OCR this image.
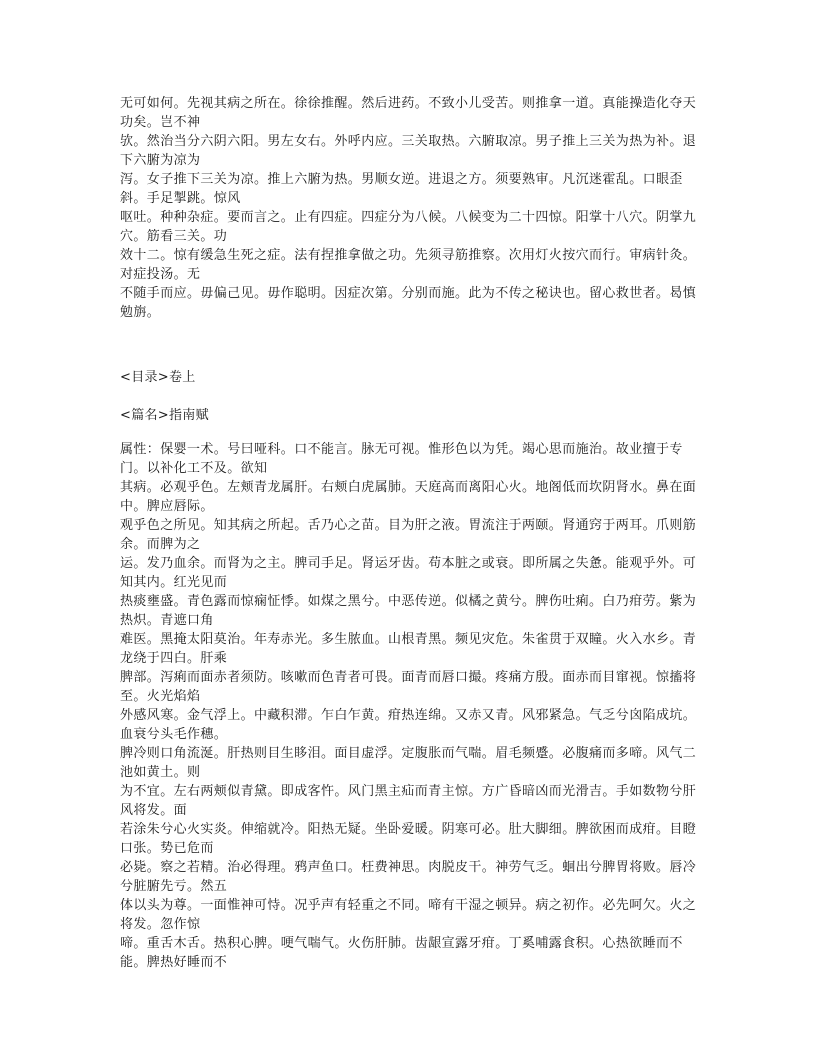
无可如何。先视其病之所在。徐徐推醒。然后进药。不致小儿受苦。则推拿一道。真能操造化夺天功矣。岂不神
欤。然治当分六阴六阳。男左女右。外呼内应。三关取热。六腑取凉。男子推上三关为热为补。退下六腑为凉为
泻。女子推下三关为凉。推上六腑为热。男顺女逆。进退之方。须要熟审。凡沉迷霍乱。口眼歪斜。手足掣跳。惊风
呕吐。种种杂症。要而言之。止有四症。四症分为八候。八候变为二十四惊。阳掌十八穴。阴掌九穴。筋看三关。功
效十二。惊有缓急生死之症。法有捏推拿做之功。先须寻筋推察。次用灯火按穴而行。审病针灸。对症投汤。无
不随手而应。毋偏己见。毋作聪明。因症次第。分别而施。此为不传之秘诀也。留心救世者。曷慎勉旃。

<目录>卷上
<篇名>指南赋

属性：保婴一术。号曰哑科。口不能言。脉无可视。惟形色以为凭。竭心思而施治。故业擅于专门。以补化工不及。欲知
其病。必观乎色。左颊青龙属肝。右颊白虎属肺。天庭高而离阳心火。地阁低而坎阴肾水。鼻在面中。脾应唇际。
观乎色之所见。知其病之所起。舌乃心之苗。目为肝之液。胃流注于两颐。肾通窍于两耳。爪则筋余。而脾为之
运。发乃血余。而肾为之主。脾司手足。肾运牙齿。苟本脏之或衰。即所属之失惫。能观乎外。可知其内。红光见而
热痰壅盛。青色露而惊痫怔悸。如煤之黑兮。中恶传逆。似橘之黄兮。脾伤吐痢。白乃疳劳。紫为热炽。青遮口角
难医。黑掩太阳莫治。年寿赤光。多生脓血。山根青黑。频见灾危。朱雀贯于双瞳。火入水乡。青龙绕于四白。肝乘
脾部。泻痢而面赤者须防。咳嗽而色青者可畏。面青而唇口撮。疼痛方殷。面赤而目窜视。惊搐将至。火光焰焰
外感风寒。金气浮上。中藏积滞。乍白乍黄。疳热连绵。又赤又青。风邪紧急。气乏兮囟陷成坑。血衰兮头毛作穗。
脾冷则口角流涎。肝热则目生眵泪。面目虚浮。定腹胀而气喘。眉毛频蹙。必腹痛而多啼。风气二池如黄土。则
为不宜。左右两颊似青黛。即成客忤。风门黑主疝而青主惊。方广昏暗凶而光滑吉。手如数物兮肝风将发。面
若涂朱兮心火实炎。伸缩就冷。阳热无疑。坐卧爱暖。阴寒可必。肚大脚细。脾欲困而成疳。目瞪口张。势已危而
必毙。察之若精。治必得理。鸦声鱼口。枉费神思。肉脱皮干。神劳气乏。蛔出兮脾胃将败。唇冷兮脏腑先亏。然五
体以头为尊。一面惟神可恃。况乎声有轻重之不同。啼有干湿之顿异。病之初作。必先呵欠。火之将发。忽作惊
啼。重舌木舌。热积心脾。哽气喘气。火伤肝肺。齿龈宣露牙疳。丁奚哺露食积。心热欲睡而不能。脾热好睡而不
